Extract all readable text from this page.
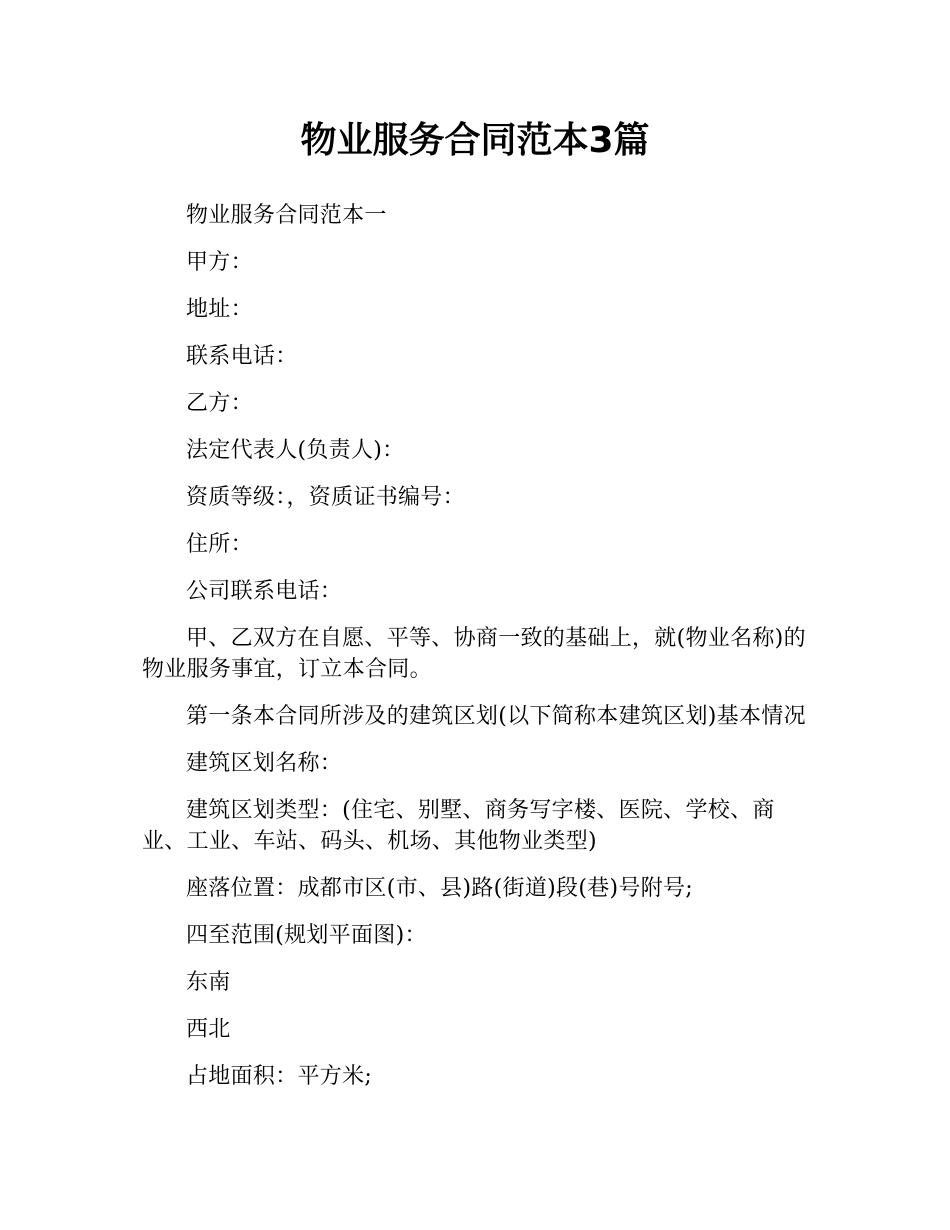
物业服务合同范本3篇

物业服务合同范本一

甲方：

地址：

联系电话：

乙方：

法定代表人(负责人)：

资质等级：，资质证书编号：

住所：

公司联系电话：

甲、乙双方在自愿、平等、协商一致的基础上，就(物业名称)的物业服务事宜，订立本合同。

第一条本合同所涉及的建筑区划(以下简称本建筑区划)基本情况

建筑区划名称：

建筑区划类型：(住宅、别墅、商务写字楼、医院、学校、商业、工业、车站、码头、机场、其他物业类型)

座落位置：成都市区(市、县)路(街道)段(巷)号附号;

四至范围(规划平面图)：

东南

西北

占地面积：平方米;
